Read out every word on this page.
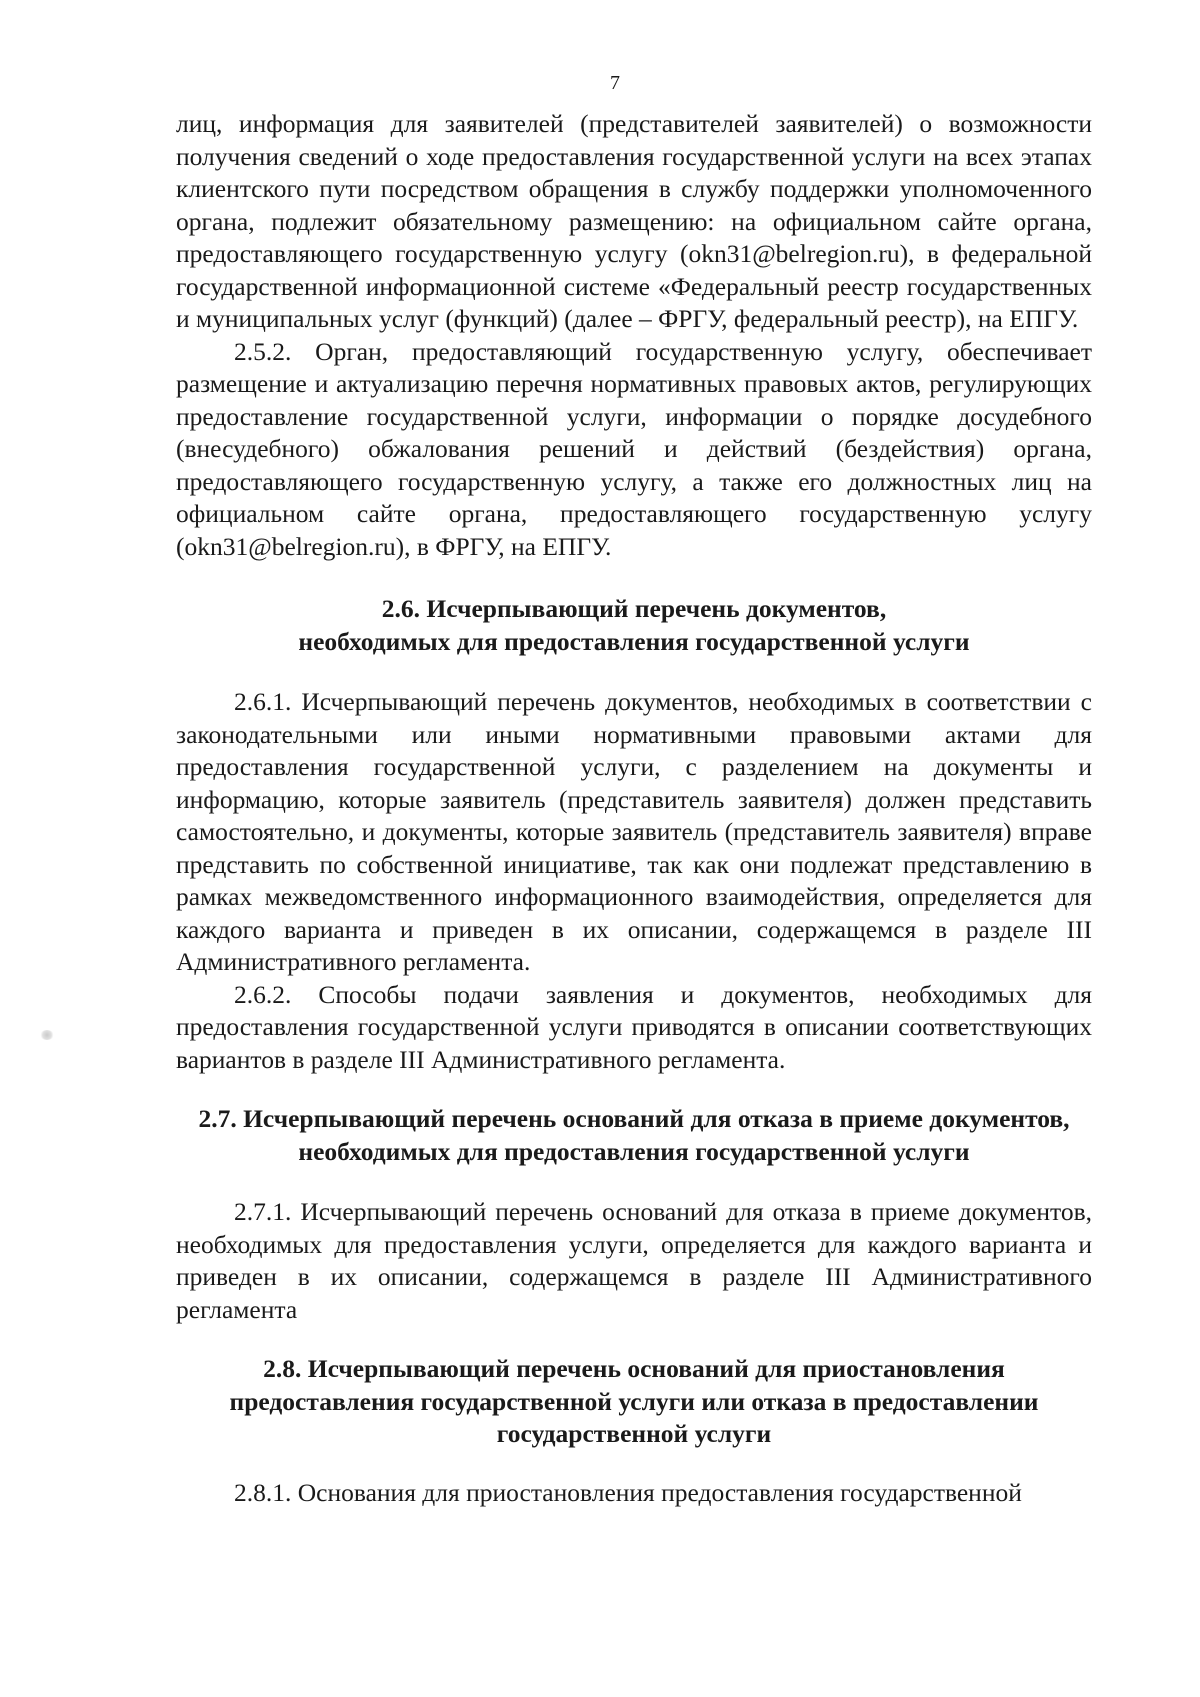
7

лиц, информация для заявителей (представителей заявителей) о возможности получения сведений о ходе предоставления государственной услуги на всех этапах клиентского пути посредством обращения в службу поддержки уполномоченного органа, подлежит обязательному размещению: на официальном сайте органа, предоставляющего государственную услугу (okn31@belregion.ru), в федеральной государственной информационной системе «Федеральный реестр государственных и муниципальных услуг (функций) (далее – ФРГУ, федеральный реестр), на ЕПГУ.

2.5.2. Орган, предоставляющий государственную услугу, обеспечивает размещение и актуализацию перечня нормативных правовых актов, регулирующих предоставление государственной услуги, информации о порядке досудебного (внесудебного) обжалования решений и действий (бездействия) органа, предоставляющего государственную услугу, а также его должностных лиц на официальном сайте органа, предоставляющего государственную услугу (okn31@belregion.ru), в ФРГУ, на ЕПГУ.

2.6. Исчерпывающий перечень документов,
необходимых для предоставления государственной услуги

2.6.1. Исчерпывающий перечень документов, необходимых в соответствии с законодательными или иными нормативными правовыми актами для предоставления государственной услуги, с разделением на документы и информацию, которые заявитель (представитель заявителя) должен представить самостоятельно, и документы, которые заявитель (представитель заявителя) вправе представить по собственной инициативе, так как они подлежат представлению в рамках межведомственного информационного взаимодействия, определяется для каждого варианта и приведен в их описании, содержащемся в разделе III Административного регламента.

2.6.2. Способы подачи заявления и документов, необходимых для предоставления государственной услуги приводятся в описании соответствующих вариантов в разделе III Административного регламента.

2.7. Исчерпывающий перечень оснований для отказа в приеме документов,
необходимых для предоставления государственной услуги

2.7.1. Исчерпывающий перечень оснований для отказа в приеме документов, необходимых для предоставления услуги, определяется для каждого варианта и приведен в их описании, содержащемся в разделе III Административного регламента

2.8. Исчерпывающий перечень оснований для приостановления
предоставления государственной услуги или отказа в предоставлении
государственной услуги

2.8.1. Основания для приостановления предоставления государственной
